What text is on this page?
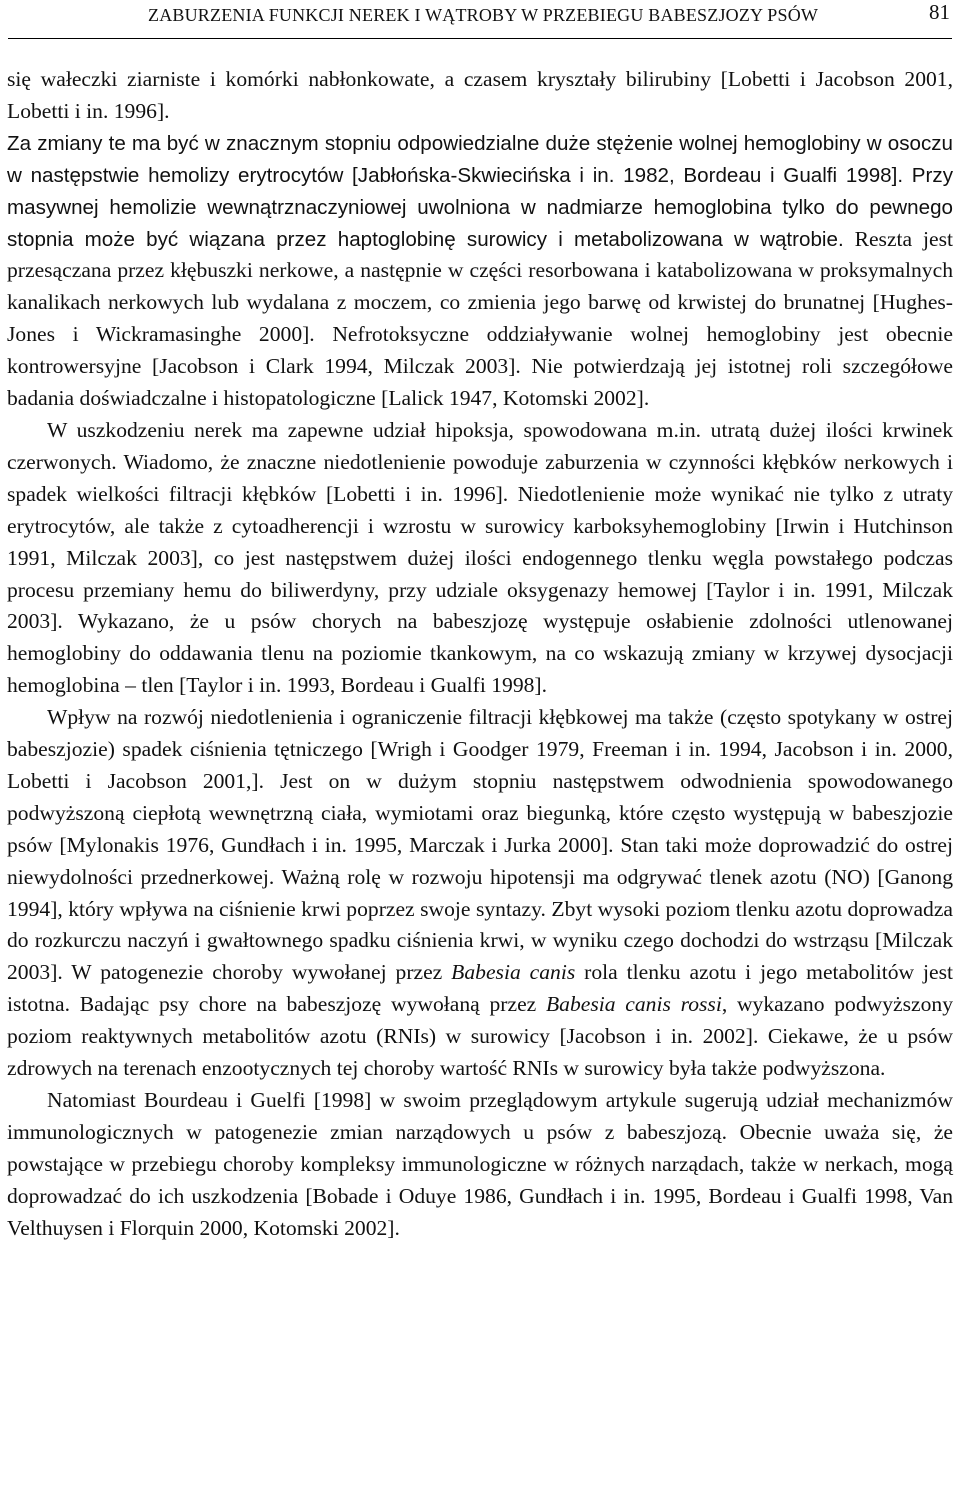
ZABURZENIA FUNKCJI NEREK I WĄTROBY W PRZEBIEGU BABESZJOZY PSÓW	81

się wałeczki ziarniste i komórki nabłonkowate, a czasem kryształy bilirubiny [Lobetti i Jacobson 2001, Lobetti i in. 1996].
Za zmiany te ma być w znacznym stopniu odpowiedzialne duże stężenie wolnej hemoglobiny w osoczu w następstwie hemolizy erytrocytów [Jabłońska-Skwiecińska i in. 1982, Bordeau i Gualfi 1998]. Przy masywnej hemolizie wewnątrznaczyniowej uwolniona w nadmiarze hemoglobina tylko do pewnego stopnia może być wiązana przez haptoglobinę surowicy i metabolizowana w wątrobie. Reszta jest przesączana przez kłębuszki nerkowe, a następnie w części resorbowana i katabolizowana w proksymalnych kanalikach nerkowych lub wydalana z moczem, co zmienia jego barwę od krwistej do brunatnej [Hughes-Jones i Wickramasinghe 2000]. Nefrotoksyczne oddziaływanie wolnej hemoglobiny jest obecnie kontrowersyjne [Jacobson i Clark 1994, Milczak 2003]. Nie potwierdzają jej istotnej roli szczegółowe badania doświadczalne i histopatologiczne [Lalick 1947, Kotomski 2002].

W uszkodzeniu nerek ma zapewne udział hipoksja, spowodowana m.in. utratą dużej ilości krwinek czerwonych. Wiadomo, że znaczne niedotlenienie powoduje zaburzenia w czynności kłębków nerkowych i spadek wielkości filtracji kłębków [Lobetti i in. 1996]. Niedotlenienie może wynikać nie tylko z utraty erytrocytów, ale także z cytoadherencji i wzrostu w surowicy karboksyhemoglobiny [Irwin i Hutchinson 1991, Milczak 2003], co jest następstwem dużej ilości endogennego tlenku węgla powstałego podczas procesu przemiany hemu do biliwerdyny, przy udziale oksygenazy hemowej [Taylor i in. 1991, Milczak 2003]. Wykazano, że u psów chorych na babeszjozę występuje osłabienie zdolności utlenowanej hemoglobiny do oddawania tlenu na poziomie tkankowym, na co wskazują zmiany w krzywej dysocjacji hemoglobina – tlen [Taylor i in. 1993, Bordeau i Gualfi 1998].

Wpływ na rozwój niedotlenienia i ograniczenie filtracji kłębkowej ma także (często spotykany w ostrej babeszjozie) spadek ciśnienia tętniczego [Wrigh i Goodger 1979, Freeman i in. 1994, Jacobson i in. 2000, Lobetti i Jacobson 2001,]. Jest on w dużym stopniu następstwem odwodnienia spowodowanego podwyższoną ciepłotą wewnętrzną ciała, wymiotami oraz biegunką, które często występują w babeszjozie psów [Mylonakis 1976, Gundłach i in. 1995, Marczak i Jurka 2000]. Stan taki może doprowadzić do ostrej niewydolności przednerkowej. Ważną rolę w rozwoju hipotensji ma odgrywać tlenek azotu (NO) [Ganong 1994], który wpływa na ciśnienie krwi poprzez swoje syntazy. Zbyt wysoki poziom tlenku azotu doprowadza do rozkurczu naczyń i gwałtownego spadku ciśnienia krwi, w wyniku czego dochodzi do wstrząsu [Milczak 2003]. W patogenezie choroby wywołanej przez Babesia canis rola tlenku azotu i jego metabolitów jest istotna. Badając psy chore na babeszjozę wywołaną przez Babesia canis rossi, wykazano podwyższony poziom reaktywnych metabolitów azotu (RNIs) w surowicy [Jacobson i in. 2002]. Ciekawe, że u psów zdrowych na terenach enzootycznych tej choroby wartość RNIs w surowicy była także podwyższona.

Natomiast Bourdeau i Guelfi [1998] w swoim przeglądowym artykule sugerują udział mechanizmów immunologicznych w patogenezie zmian narządowych u psów z babeszjozą. Obecnie uważa się, że powstające w przebiegu choroby kompleksy immunologiczne w różnych narządach, także w nerkach, mogą doprowadzać do ich uszkodzenia [Bobade i Oduye 1986, Gundłach i in. 1995, Bordeau i Gualfi 1998, Van Velthuysen i Florquin 2000, Kotomski 2002].
